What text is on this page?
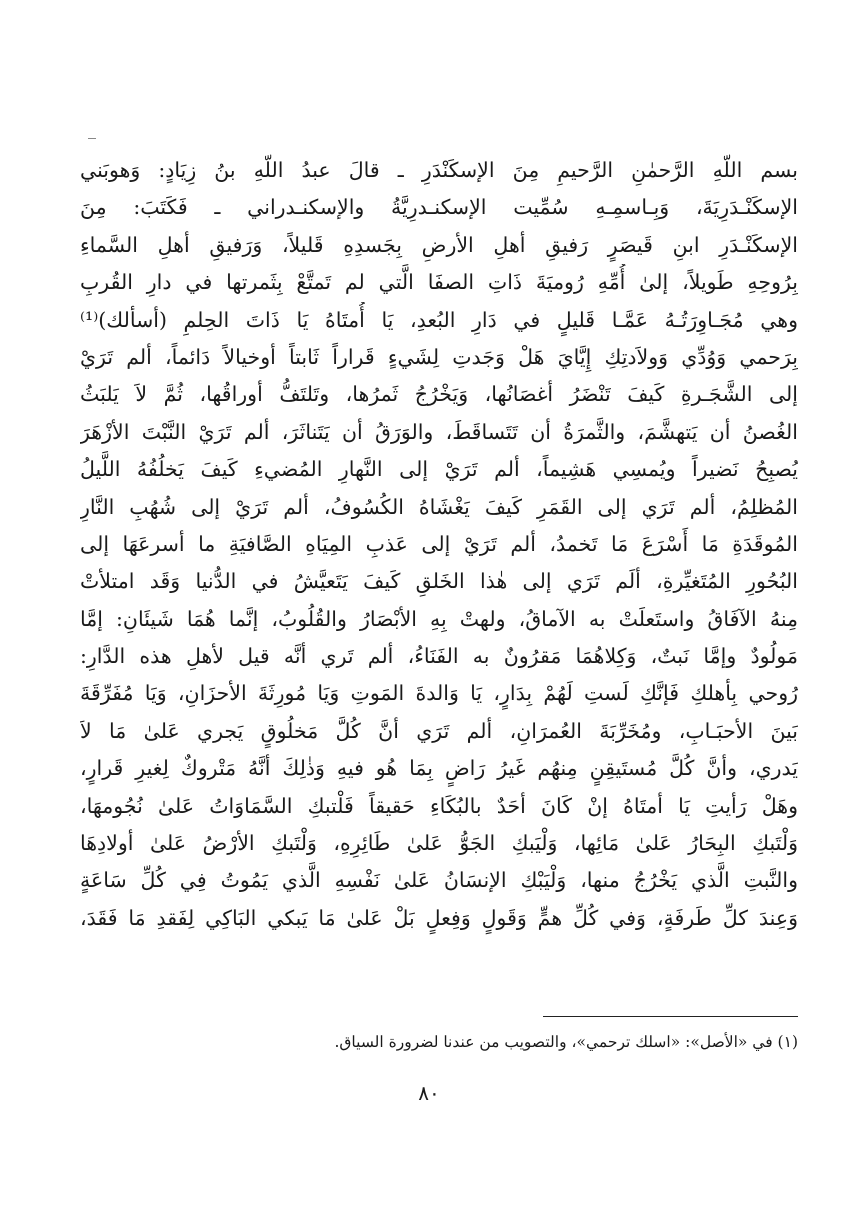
بسم اللّهِ الرَّحمٰنِ الرَّحيمِ مِنَ الإسكَنْدَرِ ـ قالَ عبدُ اللّهِ بنُ زِيَادٍ: وَهوبَني
الإسكَنْـدَرِيَةَ، وَبِـاسمِـهِ سُمِّيت الإسكنـدرِيَّةُ والإسكنـدراني ـ فَكَتَبَ: مِنَ
الإسكَنْـدَرِ ابنِ قَيصَرٍ رَفيقِ أهلِ الأرضِ بِجَسدِهِ قَليلاً، وَرَفيقِ أهلِ السَّماءِ
بِرُوحِهِ طَويلاً، إلىٰ أُمِّهِ رُوميَةَ ذَاتِ الصفَا الَّتي لم تَمتَّعْ بِثَمرتها في دارِ القُربِ
وهي مُجَـاوِرَتُـهُ عَمَّـا قَليلٍ في دَارِ البُعدِ، يَا أُمتَاهُ يَا ذَاتَ الحِلمِ (أسألك)⁽¹⁾
بِرَحمي وَوُدِّي وَولاَدتِكِ إِيَّايَ هَلْ وَجَدتِ لِشَيءٍ قَراراً ثَابتاً أوخيالاً دَائماً، ألم تَرَيْ
إلى الشَّجَـرةِ كَيفَ تَنْضَرُ أغصَانُها، وَيَخْرُجُ ثَمرُها، وتَلتَفُّ أوراقُها، ثُمَّ لاَ يَلبَثُ
الغُصنُ أن يَتهشَّمَ، والثَّمرَةُ أن تَتَساقَطَ، والوَرَقُ أن يَتَناثَرَ، ألم تَرَيْ النَّبْتَ الأزْهَرَ
يُصبِحُ نَضيراً ويُمسِي هَشِيماً، ألم تَرَيْ إلى النَّهارِ المُضيءِ كَيفَ يَخلُفُهُ اللَّيلُ
المُظلِمُ، ألم تَرَي إلى القَمَرِ كَيفَ يَغْشَاهُ الكُسُوفُ، ألم تَرَيْ إلى شُهُبِ النَّارِ
المُوقَدَةِ مَا أَسْرَعَ مَا تَخمدُ، ألم تَرَيْ إلى عَذبِ المِيَاهِ الصَّافيَةِ ما أسرعَهَا إلى
البُحُورِ المُتَغيِّرةِ، ألَم تَرَي إلى هٰذا الخَلقِ كَيفَ يَتَعيَّشُ في الدُّنيا وَقَد امتلأتْ
مِنهُ الآفَاقُ واستَعلَتْ به الآماقُ، ولهتْ بِهِ الأبْصَارُ والقُلُوبُ، إنَّما هُمَا شَيئَانِ: إمَّا
مَولُودٌ وإمَّا نَبتٌ، وَكِلاهُمَا مَقرُونٌ به الفَنَاءُ، ألم تَري أنَّه قيل لأهلِ هذه الدَّارِ:
رُوحي بِأهلكِ فَإنَّكِ لَستِ لَهُمْ بِدَارٍ، يَا وَالدةَ المَوتِ وَيَا مُورِثَةَ الأحزَانِ، وَيَا مُفَرِّقَةَ
بَينَ الأحبَـابِ، ومُخَرِّبَةَ العُمرَانِ، ألم تَرَي أنَّ كُلَّ مَخلُوقٍ يَجري عَلىٰ مَا لاَ
يَدري، وأنَّ كُلَّ مُستَيقِنٍ مِنهُم غَيرُ رَاضٍ بِمَا هُو فيهِ وَذٰلِكَ أنَّهُ مَتْروكٌ لِغيرِ قَرارٍ،
وهَلْ رَأيتِ يَا أمتَاهُ إنْ كَانَ أحَدٌ بالبُكَاءِ حَقيقاً فَلْتبكِ السَّمَاوَاتُ عَلىٰ نُجُومهَا،
وَلْتَبكِ البِحَارُ عَلىٰ مَائِها، وَلْيَبكِ الجَوُّ عَلىٰ طَائِرِهِ، وَلْتَبكِ الأرْضُ عَلىٰ أولادِهَا
والنَّبتِ الَّذي يَخْرُجُ منها، وَلْيَبْكِ الإنسَانُ عَلىٰ نَفْسِهِ الَّذي يَمُوتُ فِي كُلِّ سَاعَةٍ
وَعِندَ كلِّ طَرفَةٍ، وَفي كُلِّ همٍّ وَقَولٍ وَفِعلٍ بَلْ عَلىٰ مَا يَبكي البَاكِي لِفَقدِ مَا فَقَدَ،
(١) في «الأصل»: «اسلك ترحمي»، والتصويب من عندنا لضرورة السياق.
٨٠
